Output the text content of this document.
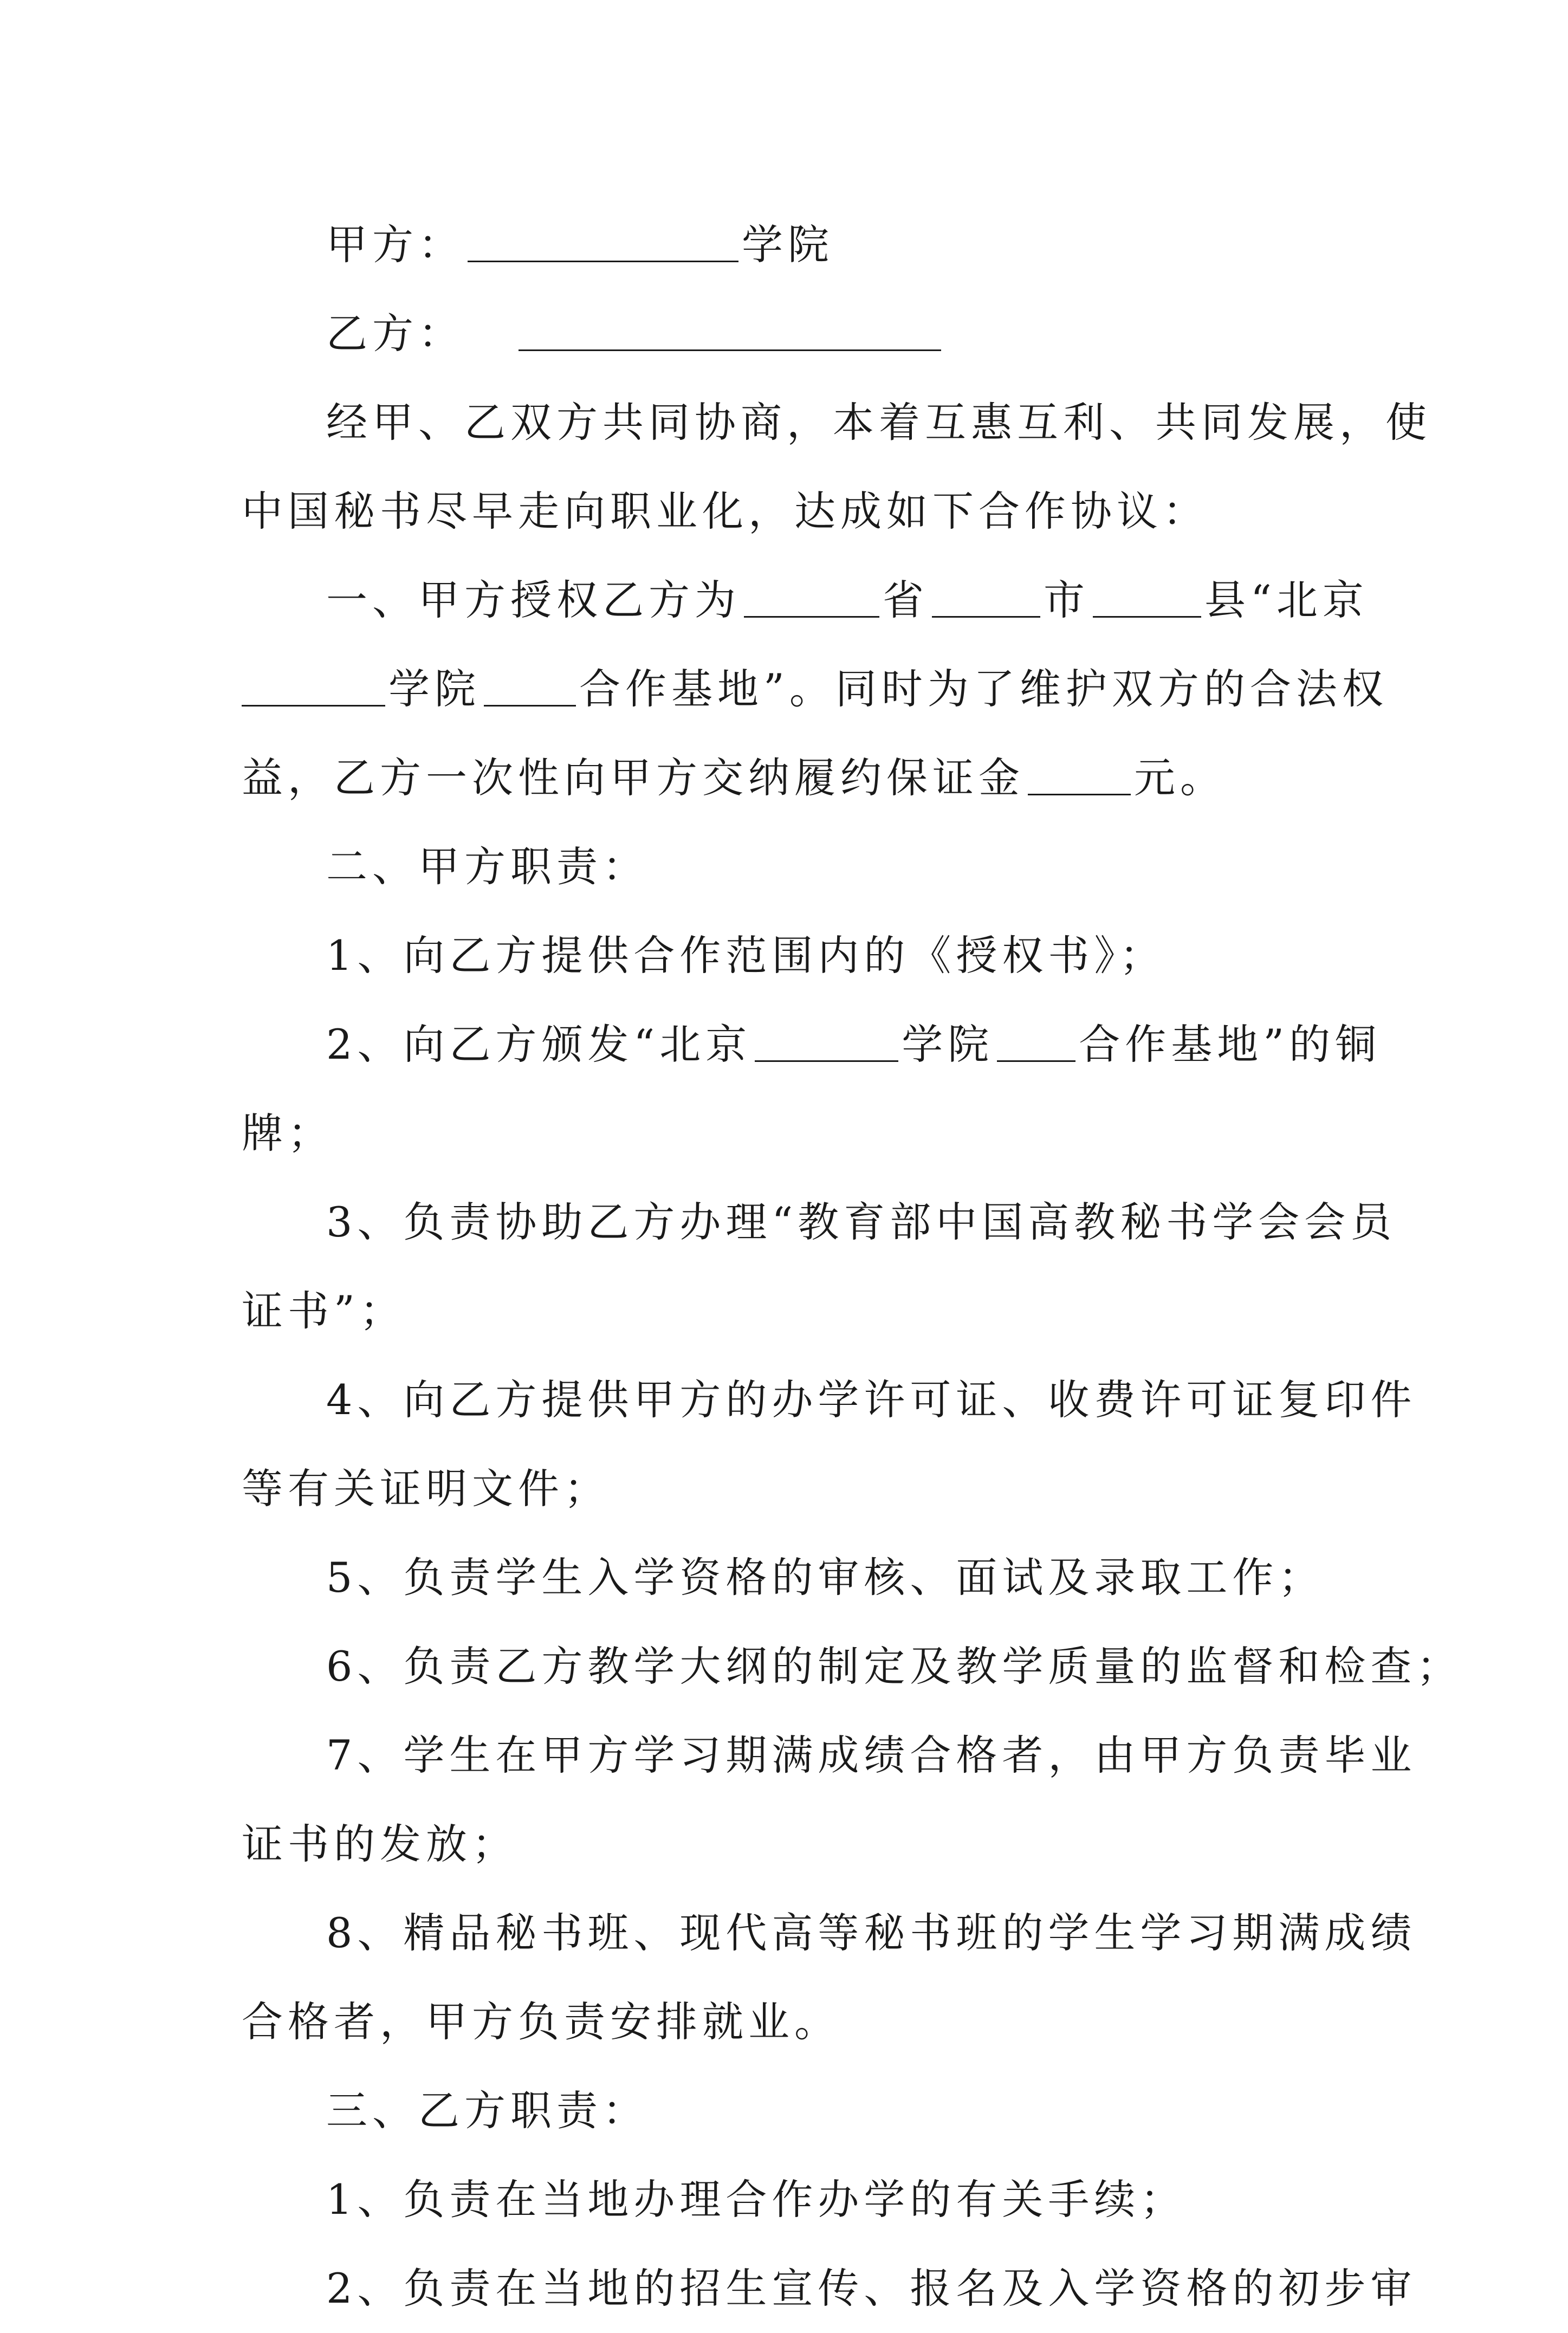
甲方：	学院

乙方：

经甲、乙双方共同协商，本着互惠互利、共同发展，使
中国秘书尽早走向职业化，达成如下合作协议：

一、甲方授权乙方为	省	市	县“北京
学院 合作基地”。同时为了维护双方的合法权
益，乙方一次性向甲方交纳履约保证金	元。

二、甲方职责：

1、向乙方提供合作范围内的《授权书》；

2、向乙方颁发“北京	学院 合作基地”的铜
牌；

3、负责协助乙方办理“教育部中国高教秘书学会会员
证书”；

4、向乙方提供甲方的办学许可证、收费许可证复印件
等有关证明文件；

5、负责学生入学资格的审核、面试及录取工作；

6、负责乙方教学大纲的制定及教学质量的监督和检查；

7、学生在甲方学习期满成绩合格者，由甲方负责毕业
证书的发放；

8、精品秘书班、现代高等秘书班的学生学习期满成绩
合格者，甲方负责安排就业。

三、乙方职责：

1、负责在当地办理合作办学的有关手续；

2、负责在当地的招生宣传、报名及入学资格的初步审
